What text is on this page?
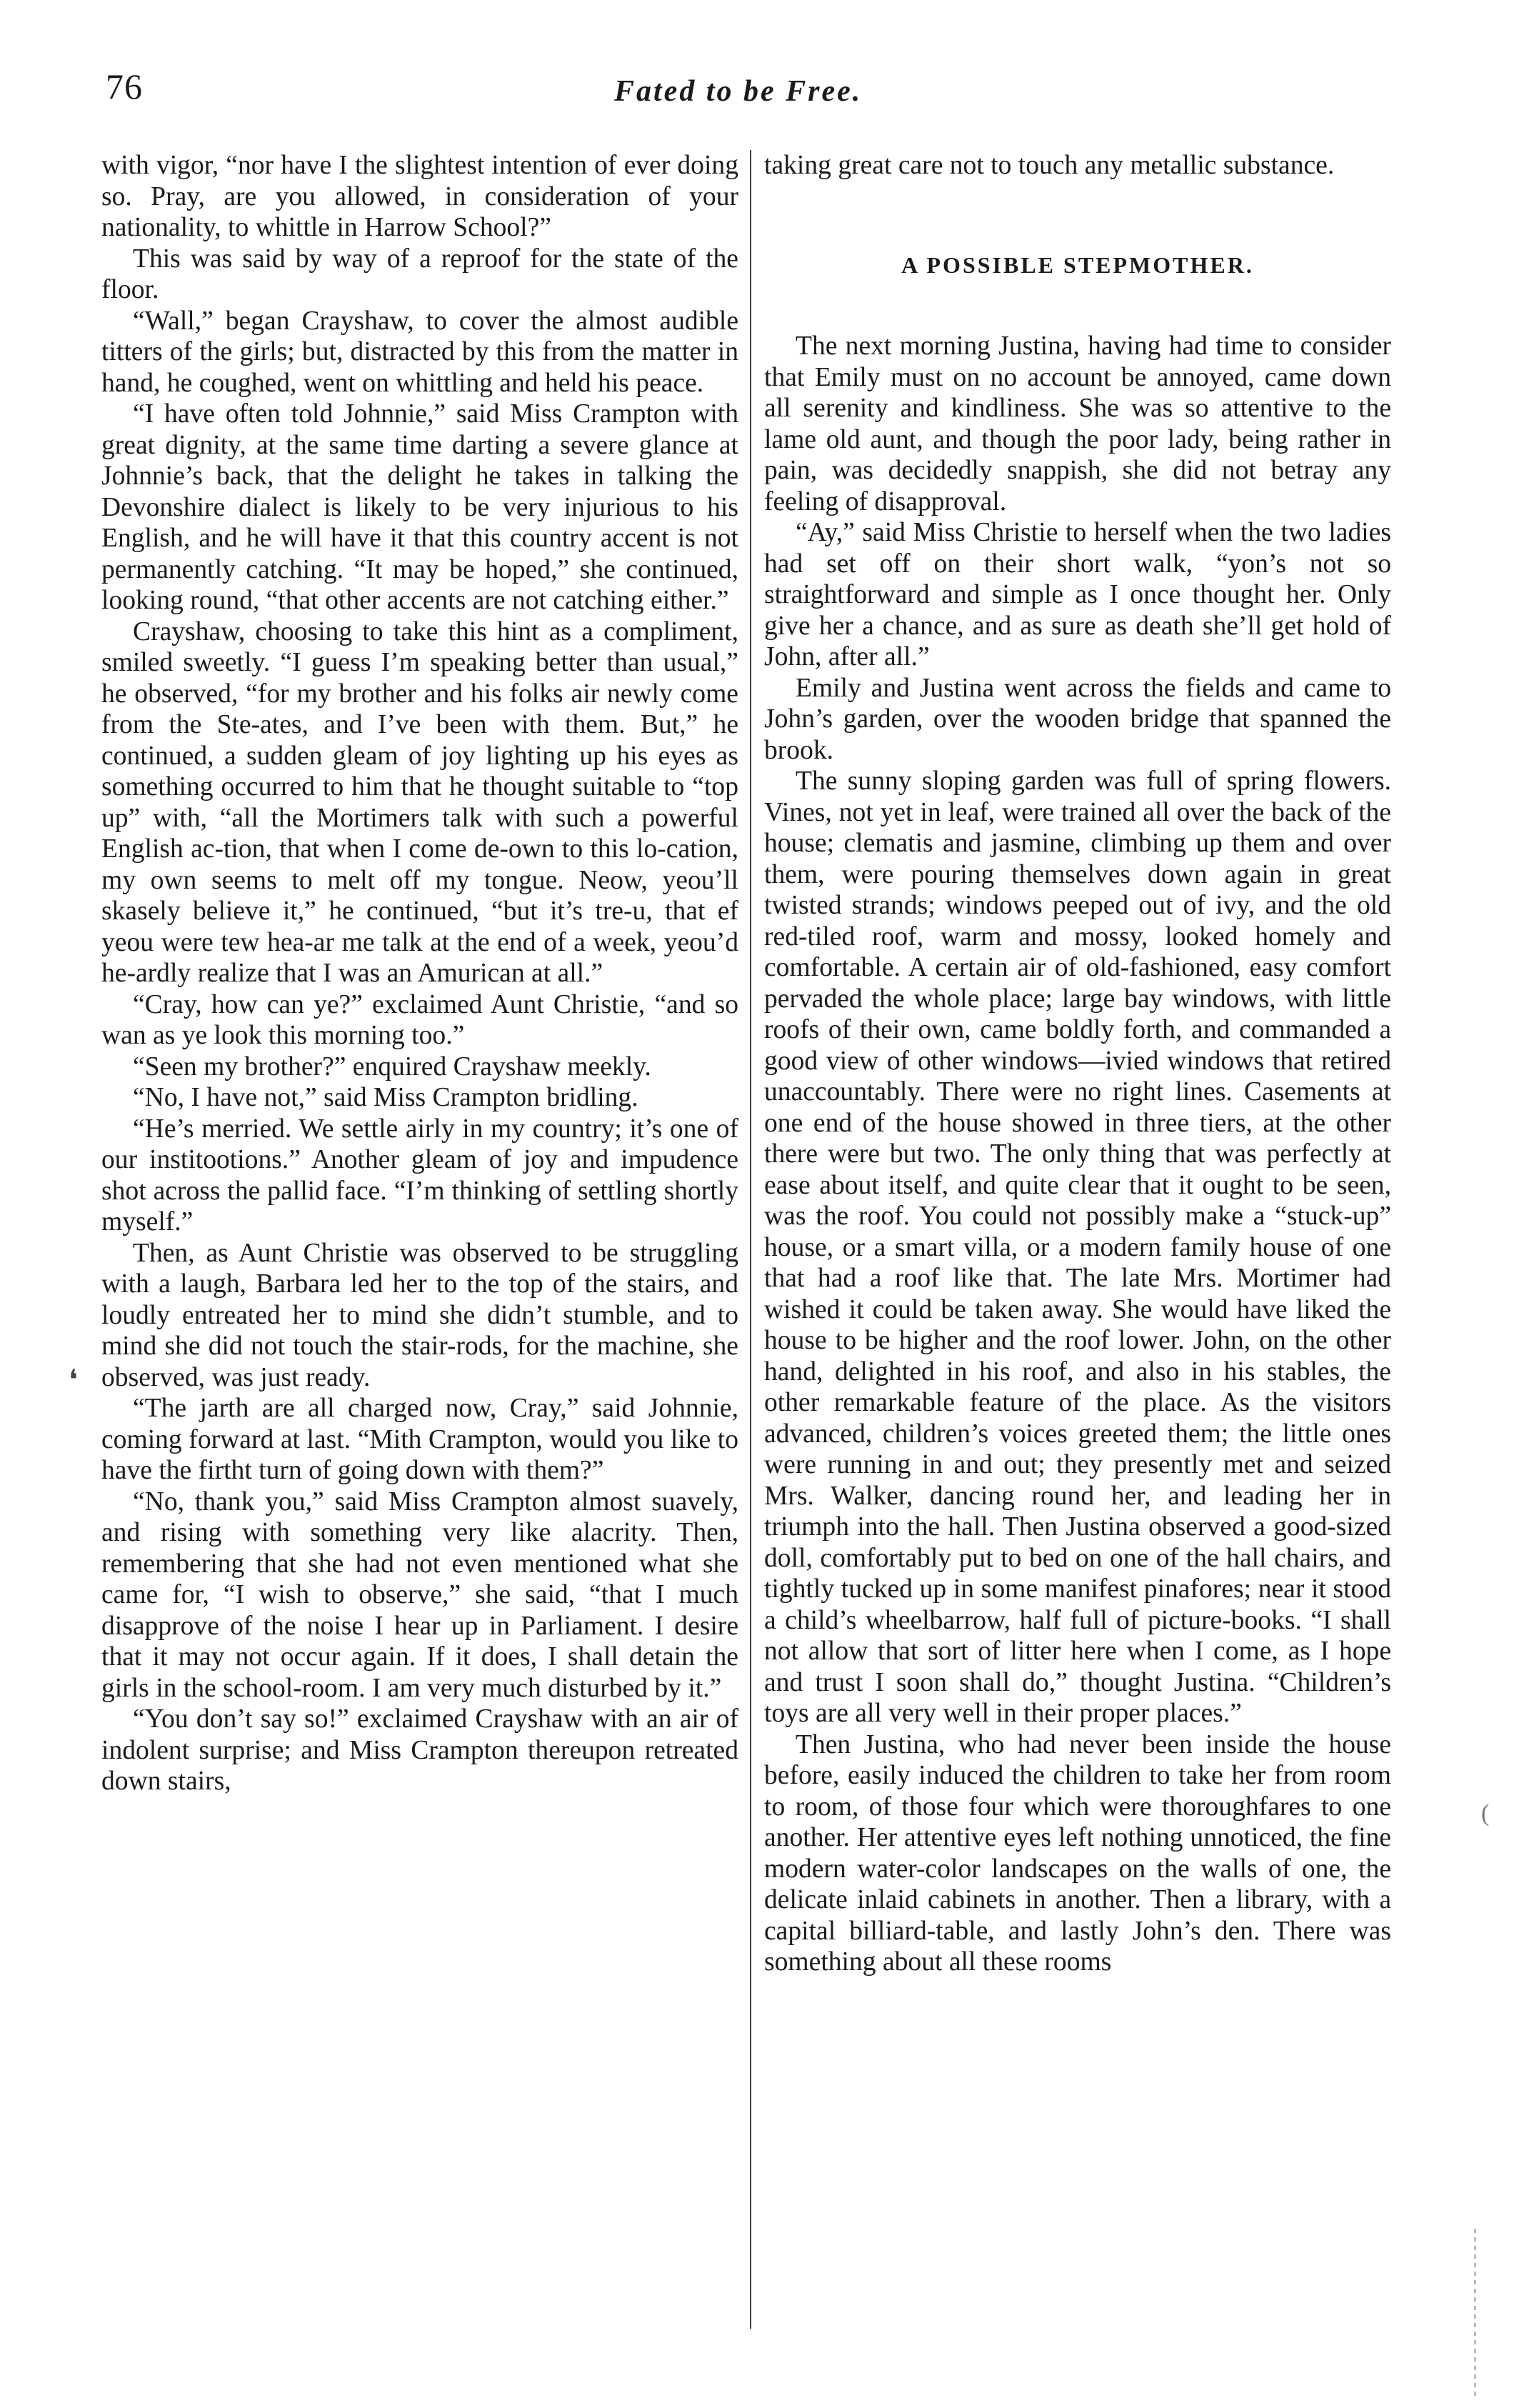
76	Fated to be Free.

with vigor, “nor have I the slightest intention of ever doing so. Pray, are you allowed, in consideration of your nationality, to whittle in Harrow School?”

This was said by way of a reproof for the state of the floor.

“Wall,” began Crayshaw, to cover the almost audible titters of the girls; but, distracted by this from the matter in hand, he coughed, went on whittling and held his peace.

“I have often told Johnnie,” said Miss Crampton with great dignity, at the same time darting a severe glance at Johnnie’s back, that the delight he takes in talking the Devonshire dialect is likely to be very injurious to his English, and he will have it that this country accent is not permanently catching. “It may be hoped,” she continued, looking round, “that other accents are not catching either.”

Crayshaw, choosing to take this hint as a compliment, smiled sweetly. “I guess I’m speaking better than usual,” he observed, “for my brother and his folks air newly come from the Ste-ates, and I’ve been with them. But,” he continued, a sudden gleam of joy lighting up his eyes as something occurred to him that he thought suitable to “top up” with, “all the Mortimers talk with such a powerful English ac-tion, that when I come de-own to this lo-cation, my own seems to melt off my tongue. Neow, yeou’ll skasely believe it,” he continued, “but it’s tre-u, that ef yeou were tew hea-ar me talk at the end of a week, yeou’d he-ardly realize that I was an Amurican at all.”

“Cray, how can ye?” exclaimed Aunt Christie, “and so wan as ye look this morning too.”

“Seen my brother?” enquired Crayshaw meekly.

“No, I have not,” said Miss Crampton bridling.

“He’s merried. We settle airly in my country; it’s one of our institootions.” Another gleam of joy and impudence shot across the pallid face. “I’m thinking of settling shortly myself.”

Then, as Aunt Christie was observed to be struggling with a laugh, Barbara led her to the top of the stairs, and loudly entreated her to mind she didn’t stumble, and to mind she did not touch the stair-rods, for the machine, she observed, was just ready.

“The jarth are all charged now, Cray,” said Johnnie, coming forward at last. “Mith Crampton, would you like to have the firtht turn of going down with them?”

“No, thank you,” said Miss Crampton almost suavely, and rising with something very like alacrity. Then, remembering that she had not even mentioned what she came for, “I wish to observe,” she said, “that I much disapprove of the noise I hear up in Parliament. I desire that it may not occur again. If it does, I shall detain the girls in the school-room. I am very much disturbed by it.”

“You don’t say so!” exclaimed Crayshaw with an air of indolent surprise; and Miss Crampton thereupon retreated down stairs,

taking great care not to touch any metallic substance.

A POSSIBLE STEPMOTHER.

The next morning Justina, having had time to consider that Emily must on no account be annoyed, came down all serenity and kindliness. She was so attentive to the lame old aunt, and though the poor lady, being rather in pain, was decidedly snappish, she did not betray any feeling of disapproval.

“Ay,” said Miss Christie to herself when the two ladies had set off on their short walk, “yon’s not so straightforward and simple as I once thought her. Only give her a chance, and as sure as death she’ll get hold of John, after all.”

Emily and Justina went across the fields and came to John’s garden, over the wooden bridge that spanned the brook.

The sunny sloping garden was full of spring flowers. Vines, not yet in leaf, were trained all over the back of the house; clematis and jasmine, climbing up them and over them, were pouring themselves down again in great twisted strands; windows peeped out of ivy, and the old red-tiled roof, warm and mossy, looked homely and comfortable. A certain air of old-fashioned, easy comfort pervaded the whole place; large bay windows, with little roofs of their own, came boldly forth, and commanded a good view of other windows—ivied windows that retired unaccountably. There were no right lines. Casements at one end of the house showed in three tiers, at the other there were but two. The only thing that was perfectly at ease about itself, and quite clear that it ought to be seen, was the roof. You could not possibly make a “stuck-up” house, or a smart villa, or a modern family house of one that had a roof like that. The late Mrs. Mortimer had wished it could be taken away. She would have liked the house to be higher and the roof lower. John, on the other hand, delighted in his roof, and also in his stables, the other remarkable feature of the place. As the visitors advanced, children’s voices greeted them; the little ones were running in and out; they presently met and seized Mrs. Walker, dancing round her, and leading her in triumph into the hall. Then Justina observed a good-sized doll, comfortably put to bed on one of the hall chairs, and tightly tucked up in some manifest pinafores; near it stood a child’s wheelbarrow, half full of picture-books. “I shall not allow that sort of litter here when I come, as I hope and trust I soon shall do,” thought Justina. “Children’s toys are all very well in their proper places.”

Then Justina, who had never been inside the house before, easily induced the children to take her from room to room, of those four which were thoroughfares to one another. Her attentive eyes left nothing unnoticed, the fine modern water-color landscapes on the walls of one, the delicate inlaid cabinets in another. Then a library, with a capital billiard-table, and lastly John’s den. There was something about all these rooms

❛
(
